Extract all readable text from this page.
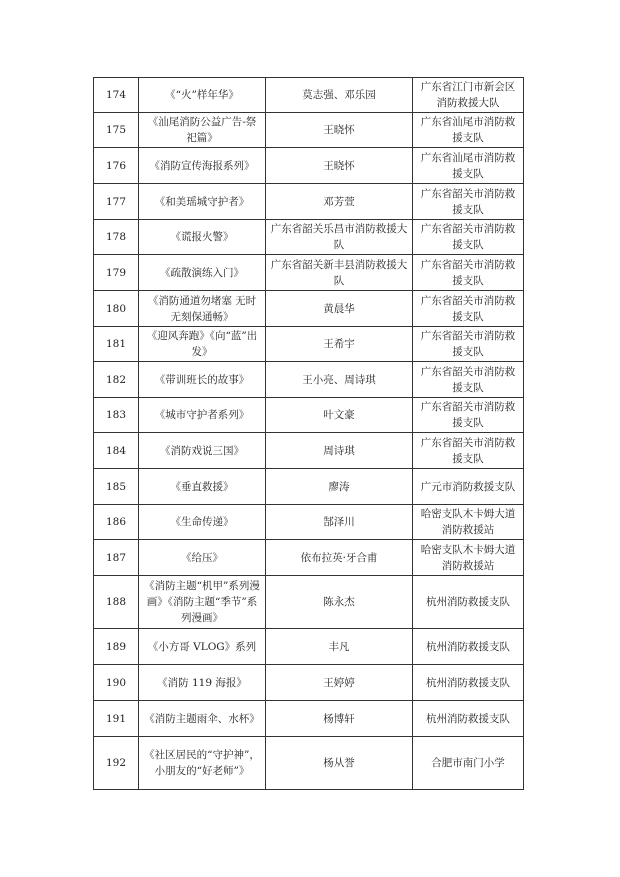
174	《“火”样年华》	莫志强、邓乐园	广东省江门市新会区消防救援大队
175	《汕尾消防公益广告-祭祀篇》	王晓怀	广东省汕尾市消防救援支队
176	《消防宣传海报系列》	王晓怀	广东省汕尾市消防救援支队
177	《和美瑶城守护者》	邓芳萱	广东省韶关市消防救援支队
178	《谎报火警》	广东省韶关乐昌市消防救援大队	广东省韶关市消防救援支队
179	《疏散演练入门》	广东省韶关新丰县消防救援大队	广东省韶关市消防救援支队
180	《消防通道勿堵塞 无时无刻保通畅》	黄晨华	广东省韶关市消防救援支队
181	《迎风奔跑》《向“蓝”出发》	王希宇	广东省韶关市消防救援支队
182	《带训班长的故事》	王小亮、周诗琪	广东省韶关市消防救援支队
183	《城市守护者系列》	叶文豪	广东省韶关市消防救援支队
184	《消防戏说三国》	周诗琪	广东省韶关市消防救援支队
185	《垂直救援》	廖涛	广元市消防救援支队
186	《生命传递》	郜泽川	哈密支队木卡姆大道消防救援站
187	《给压》	依布拉英·牙合甫	哈密支队木卡姆大道消防救援站
188	《消防主题“机甲”系列漫画》《消防主题“季节”系列漫画》	陈永杰	杭州消防救援支队
189	《小方哥 VLOG》系列	丰凡	杭州消防救援支队
190	《消防 119 海报》	王婷婷	杭州消防救援支队
191	《消防主题雨伞、水杯》	杨博轩	杭州消防救援支队
192	《社区居民的“守护神”，小朋友的“好老师”》	杨从誉	合肥市南门小学
